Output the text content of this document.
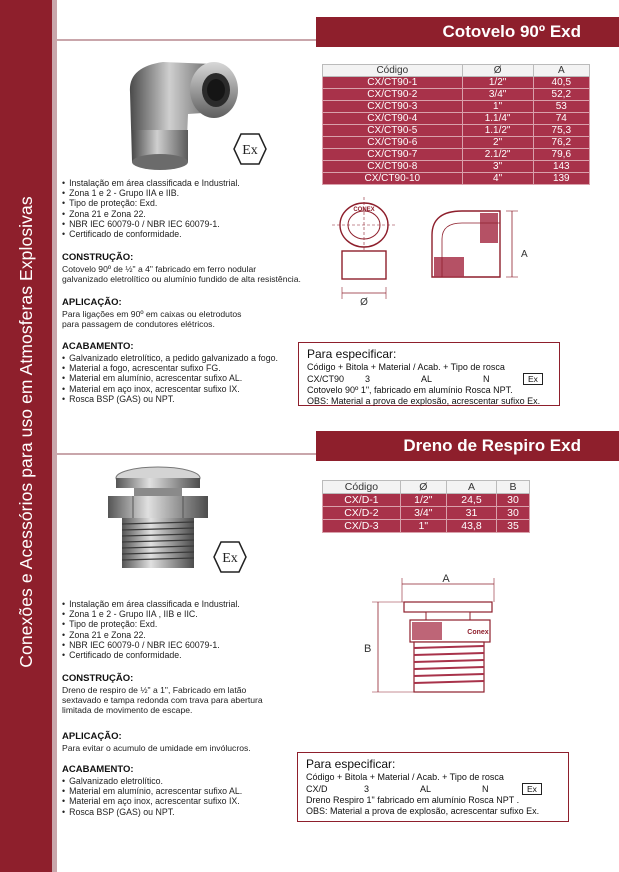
Conexões e Acessórios para uso em Atmosferas Explosivas
Cotovelo 90º Exd
Ex
Código	Ø	A
CX/CT90-1	1/2"	40,5
CX/CT90-2	3/4"	52,2
CX/CT90-3	1"	53
CX/CT90-4	1.1/4"	74
CX/CT90-5	1.1/2"	75,3
CX/CT90-6	2"	76,2
CX/CT90-7	2.1/2"	79,6
CX/CT90-8	3"	143
CX/CT90-10	4"	139
CONEX
Ø
A
• Instalação em área classificada e Industrial.
• Zona 1 e 2 - Grupo IIA e IIB.
• Tipo de proteção: Exd.
• Zona 21 e Zona 22.
• NBR IEC 60079-0 / NBR IEC 60079-1.
• Certificado de conformidade.
CONSTRUÇÃO:
Cotovelo 90º de ½" a 4" fabricado em ferro nodular
galvanizado eletrolítico ou alumínio fundido de alta resistência.
APLICAÇÃO:
Para ligações em 90º em caixas ou eletrodutos
para passagem de condutores elétricos.
ACABAMENTO:
• Galvanizado eletrolítico, a pedido galvanizado a fogo.
• Material a fogo, acrescentar sufixo FG.
• Material em alumínio, acrescentar sufixo AL.
• Material em aço inox, acrescentar sufixo IX.
• Rosca BSP (GAS) ou NPT.
Para especificar:
Código + Bitola + Material / Acab. + Tipo de rosca
CX/CT90	3	AL	N	Ex
Cotovelo 90º 1", fabricado em alumínio Rosca NPT.
OBS: Material a prova de explosão, acrescentar sufixo Ex.
Dreno de Respiro Exd
Ex
Código	Ø	A	B
CX/D-1	1/2"	24,5	30
CX/D-2	3/4"	31	30
CX/D-3	1"	43,8	35
A
Conex
B
• Instalação em área classificada e Industrial.
• Zona 1 e 2 - Grupo IIA , IIB e IIC.
• Tipo de proteção: Exd.
• Zona 21 e Zona 22.
• NBR IEC 60079-0 / NBR IEC 60079-1.
• Certificado de conformidade.
CONSTRUÇÃO:
Dreno de respiro de ½" a 1", Fabricado em latão
sextavado e tampa redonda com trava para abertura
limitada de movimento de escape.
APLICAÇÃO:
Para evitar o acumulo de umidade em invólucros.
ACABAMENTO:
• Galvanizado eletrolítico.
• Material em alumínio, acrescentar sufixo AL.
• Material em aço inox, acrescentar sufixo IX.
• Rosca BSP (GAS) ou NPT.
Para especificar:
Código + Bitola + Material / Acab. + Tipo de rosca
CX/D	3	AL	N	Ex
Dreno Respiro 1" fabricado em alumínio Rosca NPT .
OBS: Material a prova de explosão, acrescentar sufixo Ex.
